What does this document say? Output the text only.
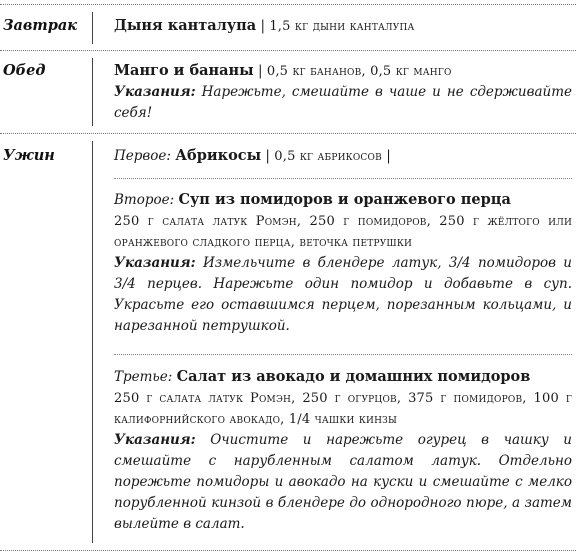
Завтрак	Дыня канталупа | 1,5 кг дыни канталупа
Обед	Манго и бананы | 0,5 кг бананов, 0,5 кг манго
Указания: Нарежьте, смешайте в чаше и не сдерживайте себя!
Ужин	Первое: Абрикосы | 0,5 кг абрикосов |
Второе: Суп из помидоров и оранжевого перца
250 г салата латук Ромэн, 250 г помидоров, 250 г жёлтого или оранжевого сладкого перца, веточка петрушки
Указания: Измельчите в блендере латук, 3/4 помидоров и 3/4 перцев. Нарежьте один помидор и добавьте в суп. Украсьте его оставшимся перцем, порезанным кольцами, и нарезанной петрушкой.
Третье: Салат из авокадо и домашних помидоров
250 г салата латук Ромэн, 250 г огурцов, 375 г помидоров, 100 г калифорнийского авокадо, 1/4 чашки кинзы
Указания: Очистите и нарежьте огурец в чашку и смешайте с нарубленным салатом латук. Отдельно порежьте помидоры и авокадо на куски и смешайте с мелко порубленной кинзой в блендере до однородного пюре, а затем вылейте в салат.
